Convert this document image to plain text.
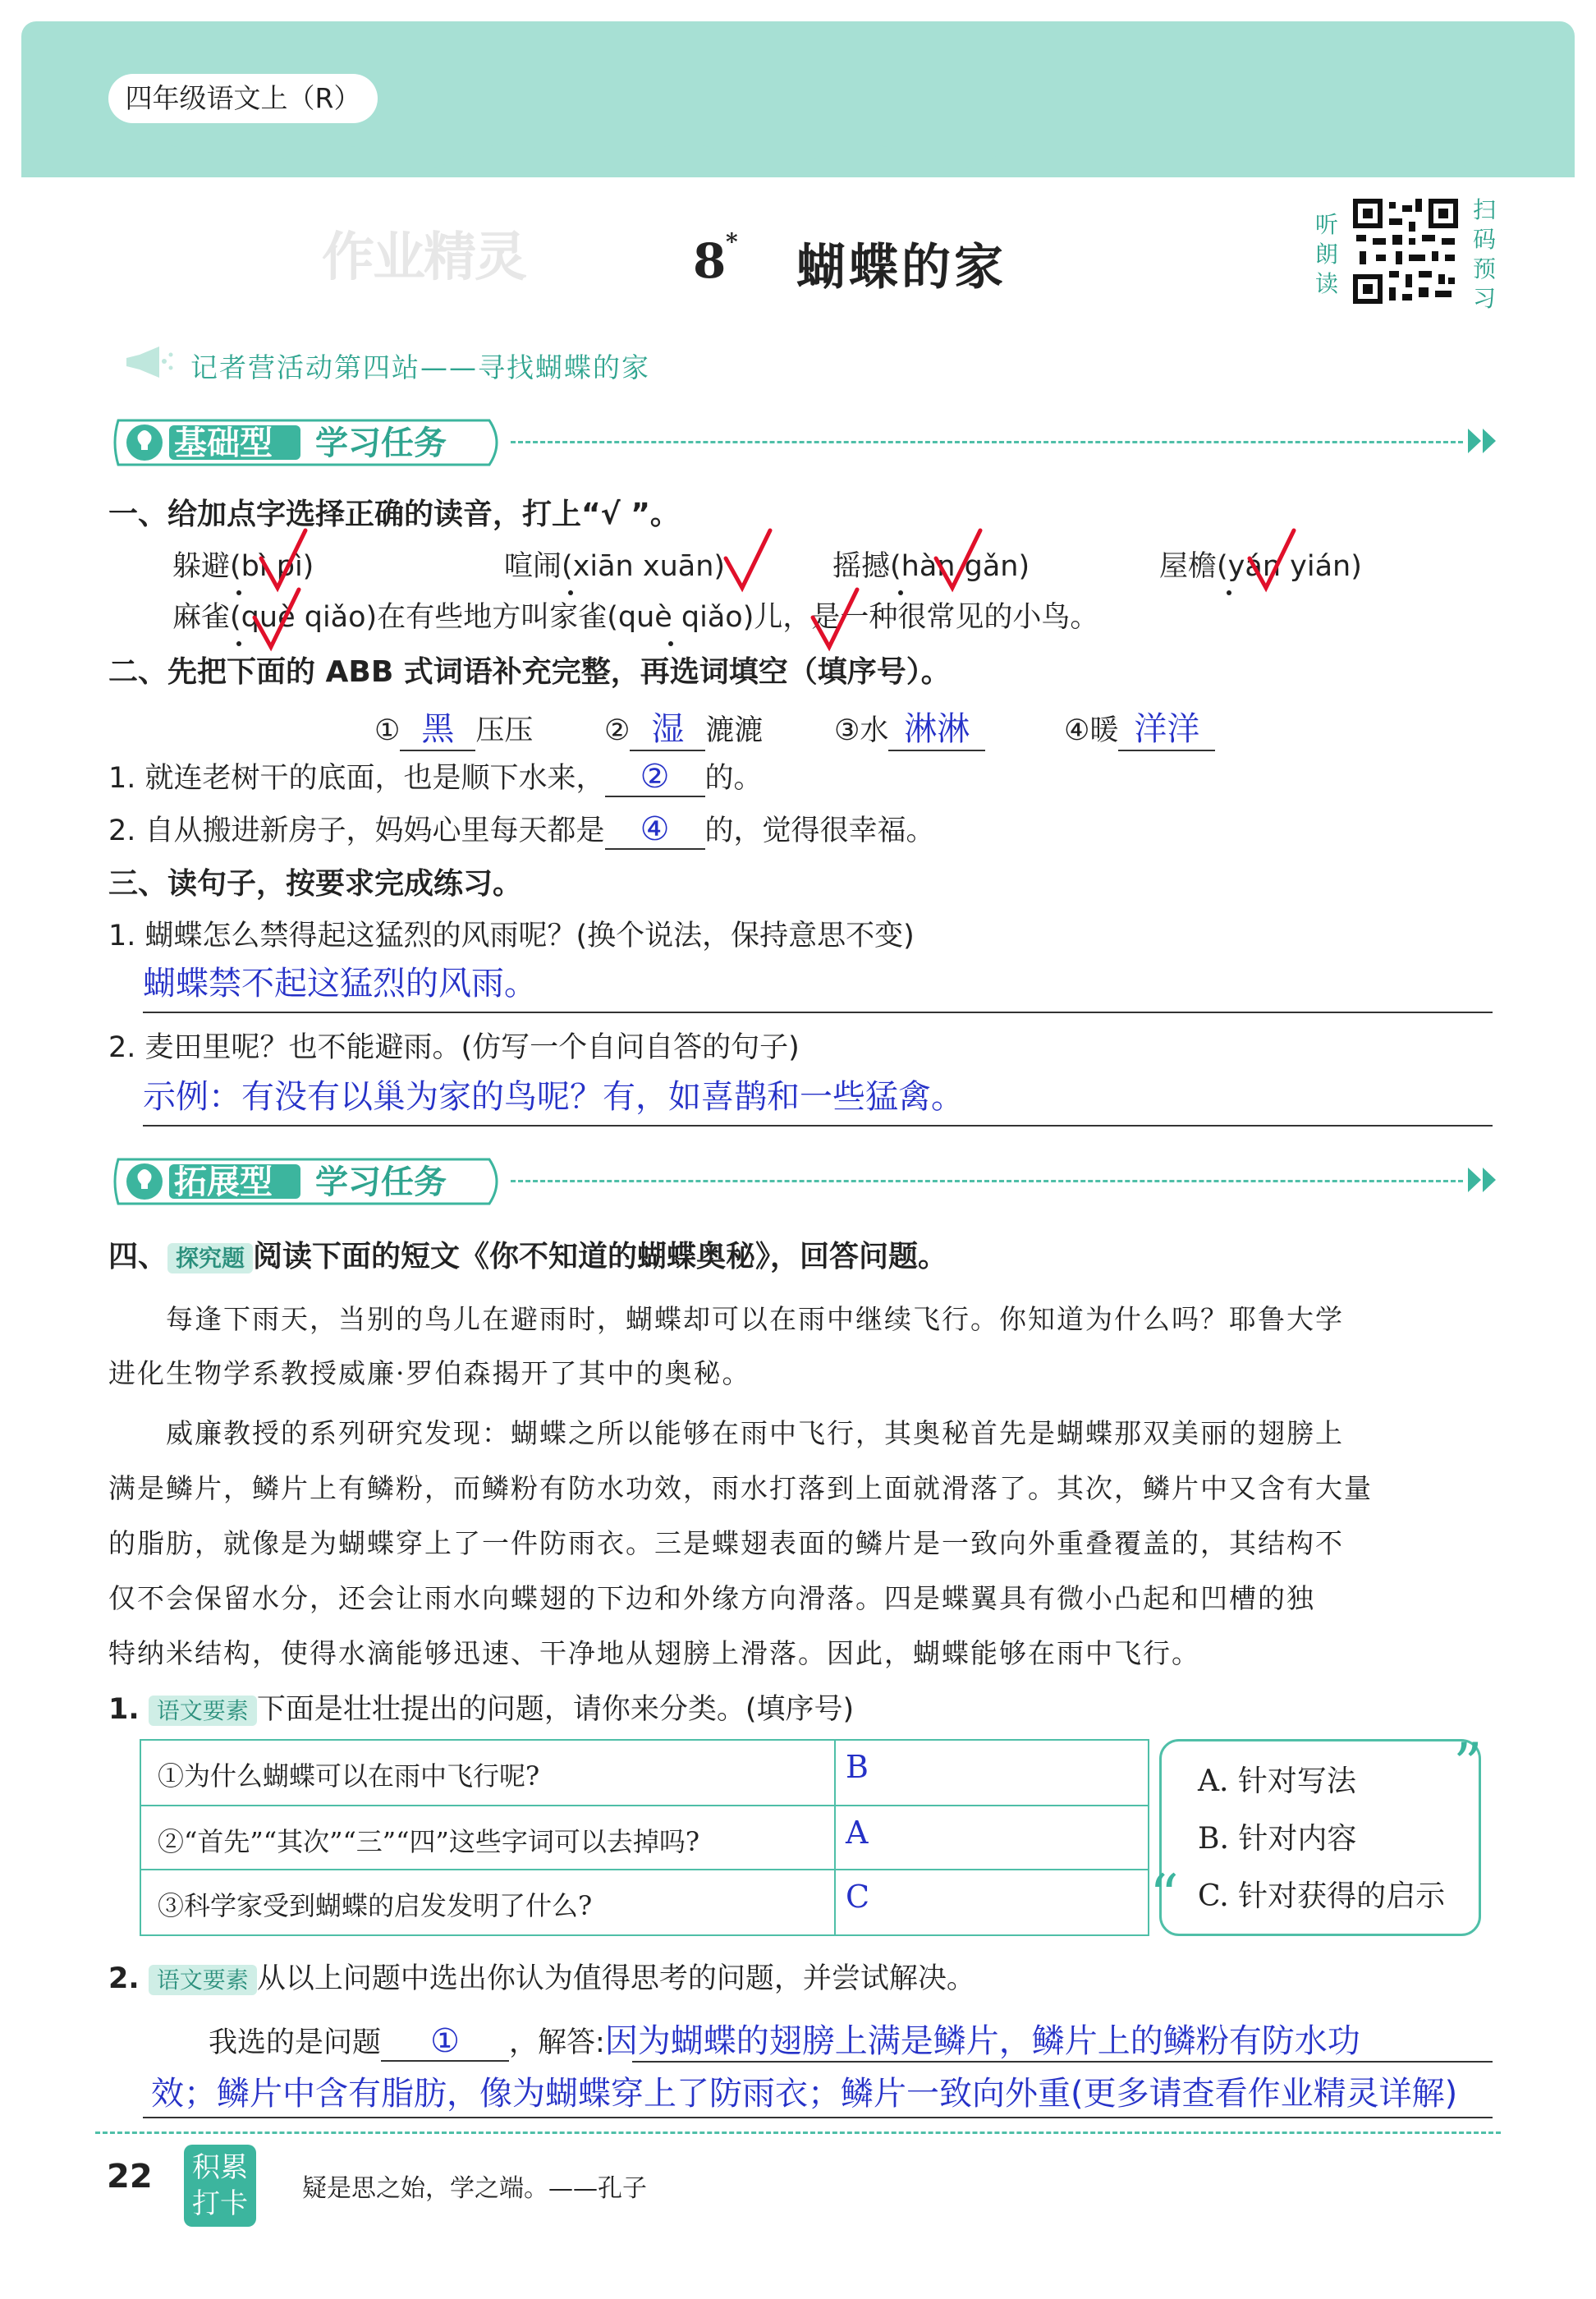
四年级语文上（R）
作业精灵	8 * 蝴蝶的家
听朗读
扫码预习
记者营活动第四站——寻找蝴蝶的家
基础型 学习任务
一、给加点字选择正确的读音，打上“√ ”。
躲避(bì pì)	喧闹(xiān xuān)	摇撼(hàn gǎn)	屋檐(yán yián)
麻雀(què qiǎo)在有些地方叫家雀(què qiǎo)儿，是一种很常见的小鸟。
二、先把下面的 ABB 式词语补充完整，再选词填空（填序号）。
① 黑 压压 ② 湿 漉漉 ③水 淋淋	④暖 洋洋
1. 就连老树干的底面，也是顺下水来， ② 的。
2. 自从搬进新房子，妈妈心里每天都是 ④ 的，觉得很幸福。
三、读句子，按要求完成练习。
1. 蝴蝶怎么禁得起这猛烈的风雨呢？(换个说法，保持意思不变)
蝴蝶禁不起这猛烈的风雨。
2. 麦田里呢？也不能避雨。(仿写一个自问自答的句子)
示例：有没有以巢为家的鸟呢？有，如喜鹊和一些猛禽。
拓展型 学习任务
四、 探究题 阅读下面的短文《你不知道的蝴蝶奥秘》，回答问题。
　　每逢下雨天，当别的鸟儿在避雨时，蝴蝶却可以在雨中继续飞行。你知道为什么吗？耶鲁大学
进化生物学系教授威廉·罗伯森揭开了其中的奥秘。
　　威廉教授的系列研究发现：蝴蝶之所以能够在雨中飞行，其奥秘首先是蝴蝶那双美丽的翅膀上
满是鳞片，鳞片上有鳞粉，而鳞粉有防水功效，雨水打落到上面就滑落了。其次，鳞片中又含有大量
的脂肪，就像是为蝴蝶穿上了一件防雨衣。三是蝶翅表面的鳞片是一致向外重叠覆盖的，其结构不
仅不会保留水分，还会让雨水向蝶翅的下边和外缘方向滑落。四是蝶翼具有微小凸起和凹槽的独
特纳米结构，使得水滴能够迅速、干净地从翅膀上滑落。因此，蝴蝶能够在雨中飞行。
1. 语文要素 下面是壮壮提出的问题，请你来分类。(填序号)
①为什么蝴蝶可以在雨中飞行呢?	B
②“首先”“其次”“三”“四”这些字词可以去掉吗?	A
③科学家受到蝴蝶的启发发明了什么?	C
A. 针对写法
B. 针对内容
C. 针对获得的启示
”
“
2. 语文要素 从以上问题中选出你认为值得思考的问题，并尝试解决。
我选的是问题 ① ，解答:因为蝴蝶的翅膀上满是鳞片，鳞片上的鳞粉有防水功
效；鳞片中含有脂肪，像为蝴蝶穿上了防雨衣；鳞片一致向外重(更多请查看作业精灵详解)
22 积累打卡	疑是思之始，学之端。——孔子
